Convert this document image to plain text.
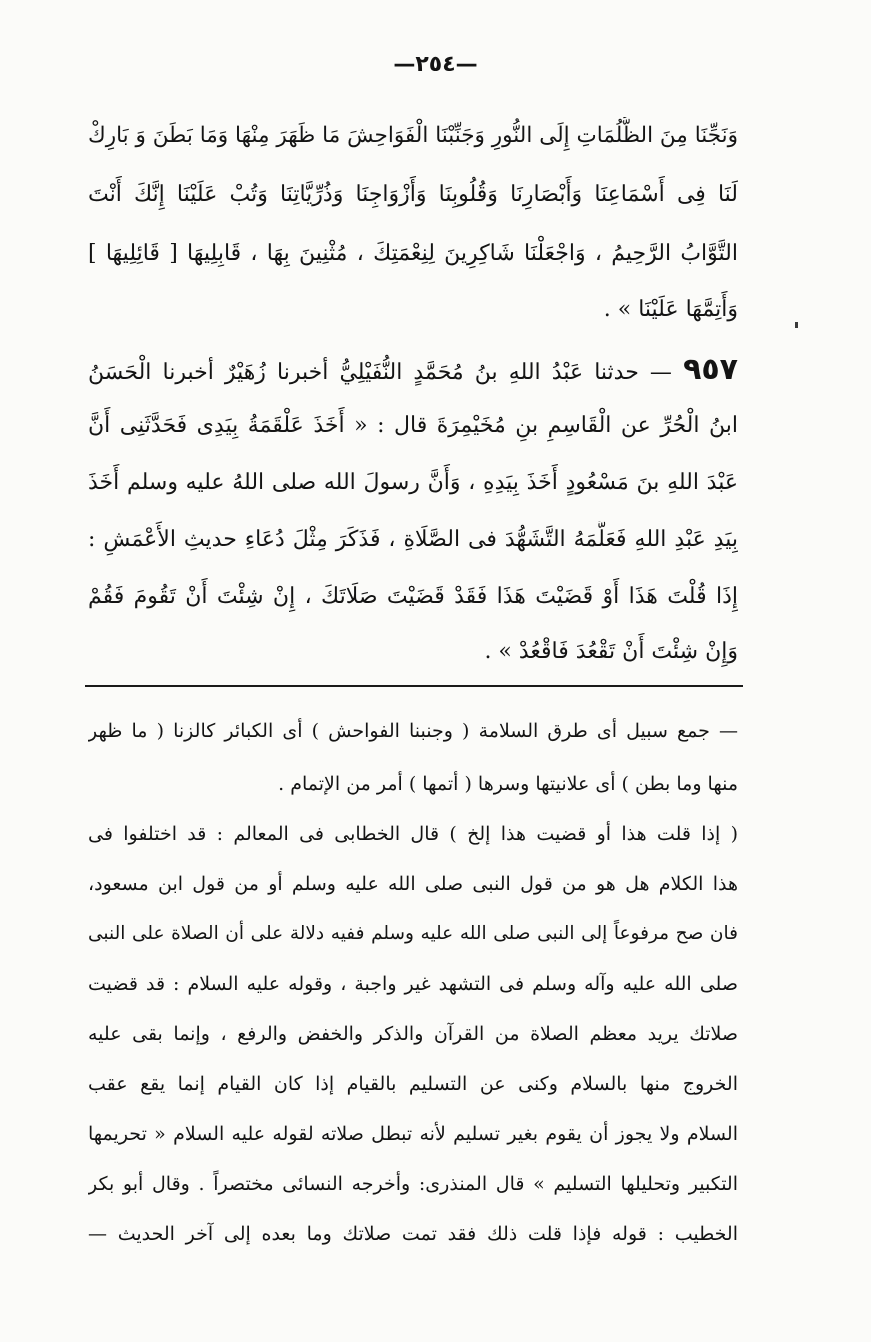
—٢٥٤—
وَنَجِّنَا مِنَ الظُّلُمَاتِ إِلَى النُّورِ وَجَنِّبْنَا الْفَوَاحِشَ مَا ظَهَرَ مِنْهَا وَمَا بَطَنَ وَ بَارِكْ
لَنَا فِى أَسْمَاعِنَا وَأَبْصَارِنَا وَقُلُوبِنَا وَأَزْوَاجِنَا وَذُرِّيَّاتِنَا وَتُبْ عَلَيْنَا إِنَّكَ أَنْتَ
التَّوَّابُ الرَّحِيمُ ، وَاجْعَلْنَا شَاكِرِينَ لِنِعْمَتِكَ ، مُثْنِينَ بِهَا ، قَابِلِيهَا [ قَائِلِيهَا ]
وَأَتِمَّهَا عَلَيْنَا » .
٩٥٧ — حدثنا عَبْدُ اللهِ بنُ مُحَمَّدٍ النُّفَيْلِيُّ أخبرنا زُهَيْرٌ أخبرنا الْحَسَنُ
ابنُ الْحُرِّ عن الْقَاسِمِ بنِ مُخَيْمِرَةَ قال : « أَخَذَ عَلْقَمَةُ بِيَدِى فَحَدَّثَنِى أَنَّ
عَبْدَ اللهِ بنَ مَسْعُودٍ أَخَذَ بِيَدِهِ ، وَأَنَّ رسولَ الله صلى اللهُ عليه وسلم أَخَذَ
بِيَدِ عَبْدِ اللهِ فَعَلَّمَهُ التَّشَهُّدَ فى الصَّلَاةِ ، فَذَكَرَ مِثْلَ دُعَاءِ حديثِ الأَعْمَشِ :
إِذَا قُلْتَ هَذَا أَوْ قَضَيْتَ هَذَا فَقَدْ قَضَيْتَ صَلَاتَكَ ، إِنْ شِئْتَ أَنْ تَقُومَ فَقُمْ
وَإِنْ شِئْتَ أَنْ تَقْعُدَ فَاقْعُدْ » .
— جمع سبيل أى طرق السلامة ( وجنبنا الفواحش ) أى الكبائر كالزنا ( ما ظهر
منها وما بطن ) أى علانيتها وسرها ( أتمها ) أمر من الإتمام .
( إذا قلت هذا أو قضيت هذا إلخ ) قال الخطابى فى المعالم : قد اختلفوا فى
هذا الكلام هل هو من قول النبى صلى الله عليه وسلم أو من قول ابن مسعود،
فان صح مرفوعاً إلى النبى صلى الله عليه وسلم ففيه دلالة على أن الصلاة على النبى
صلى الله عليه وآله وسلم فى التشهد غير واجبة ، وقوله عليه السلام : قد قضيت
صلاتك يريد معظم الصلاة من القرآن والذكر والخفض والرفع ، وإنما بقى عليه
الخروج منها بالسلام وكنى عن التسليم بالقيام إذا كان القيام إنما يقع عقب
السلام ولا يجوز أن يقوم بغير تسليم لأنه تبطل صلاته لقوله عليه السلام « تحريمها
التكبير وتحليلها التسليم » قال المنذرى: وأخرجه النسائى مختصراً . وقال أبو بكر
الخطيب : قوله فإذا قلت ذلك فقد تمت صلاتك وما بعده إلى آخر الحديث —
